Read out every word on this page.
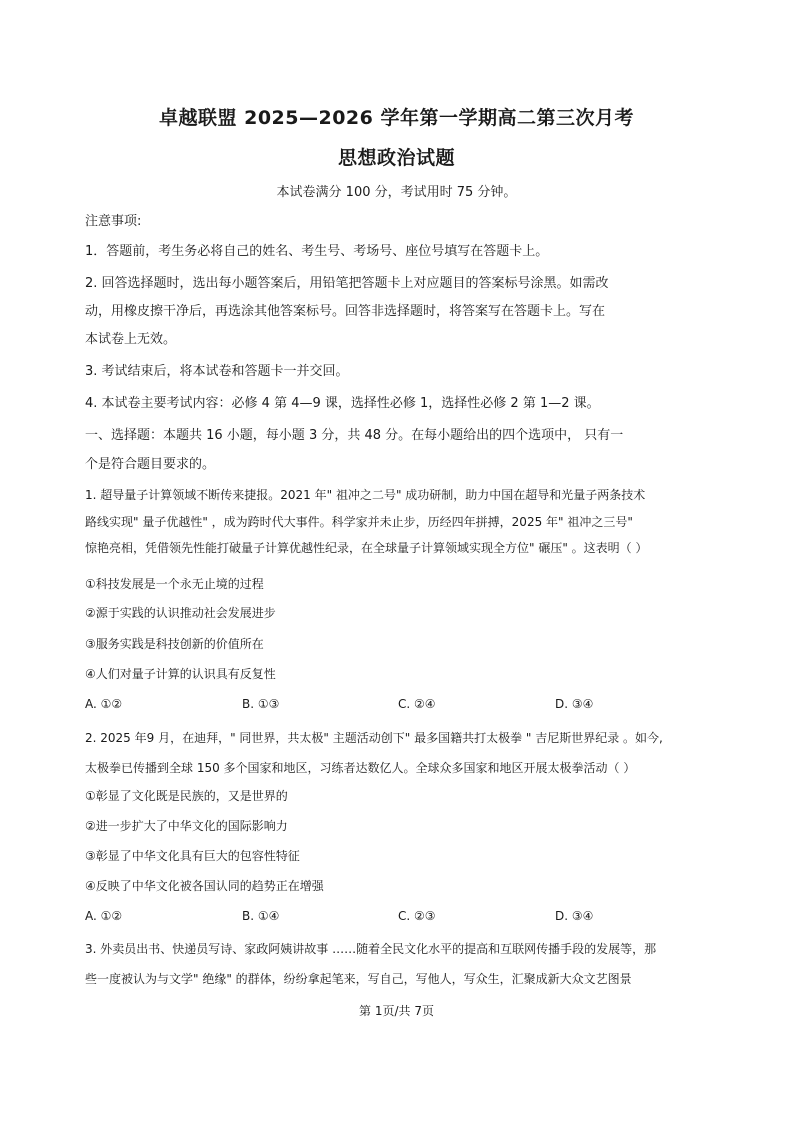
卓越联盟 2025—2026 学年第一学期高二第三次月考
思想政治试题
本试卷满分 100 分，考试用时 75 分钟。
注意事项:
1．答题前，考生务必将自己的姓名、考生号、考场号、座位号填写在答题卡上。
2. 回答选择题时，选出每小题答案后，用铅笔把答题卡上对应题目的答案标号涂黑。如需改
动，用橡皮擦干净后，再选涂其他答案标号。回答非选择题时，将答案写在答题卡上。写在
本试卷上无效。
3. 考试结束后，将本试卷和答题卡一并交回。
4. 本试卷主要考试内容：必修 4 第 4—9 课，选择性必修 1，选择性必修 2 第 1—2 课。
一、选择题：本题共 16 小题，每小题 3 分，共 48 分。在每小题给出的四个选项中， 只有一
个是符合题目要求的。
1. 超导量子计算领域不断传来捷报。2021 年" 祖冲之二号" 成功研制，助力中国在超导和光量子两条技术
路线实现" 量子优越性" ，成为跨时代大事件。科学家并未止步，历经四年拼搏，2025 年" 祖冲之三号"
惊艳亮相，凭借领先性能打破量子计算优越性纪录，在全球量子计算领域实现全方位" 碾压" 。这表明（ ）
①科技发展是一个永无止境的过程
②源于实践的认识推动社会发展进步
③服务实践是科技创新的价值所在
④人们对量子计算的认识具有反复性
A. ①②	B. ①③	C. ②④	D. ③④
2. 2025 年9 月，在迪拜，" 同世界，共太极" 主题活动创下" 最多国籍共打太极拳 " 吉尼斯世界纪录 。如今,
太极拳已传播到全球 150 多个国家和地区，习练者达数亿人。全球众多国家和地区开展太极拳活动（ ）
①彰显了文化既是民族的，又是世界的
②进一步扩大了中华文化的国际影响力
③彰显了中华文化具有巨大的包容性特征
④反映了中华文化被各国认同的趋势正在增强
A. ①②	B. ①④	C. ②③	D. ③④
3. 外卖员出书、快递员写诗、家政阿姨讲故事 ……随着全民文化水平的提高和互联网传播手段的发展等，那
些一度被认为与文学" 绝缘" 的群体，纷纷拿起笔来，写自己，写他人，写众生，汇聚成新大众文艺图景
第 1页/共 7页
